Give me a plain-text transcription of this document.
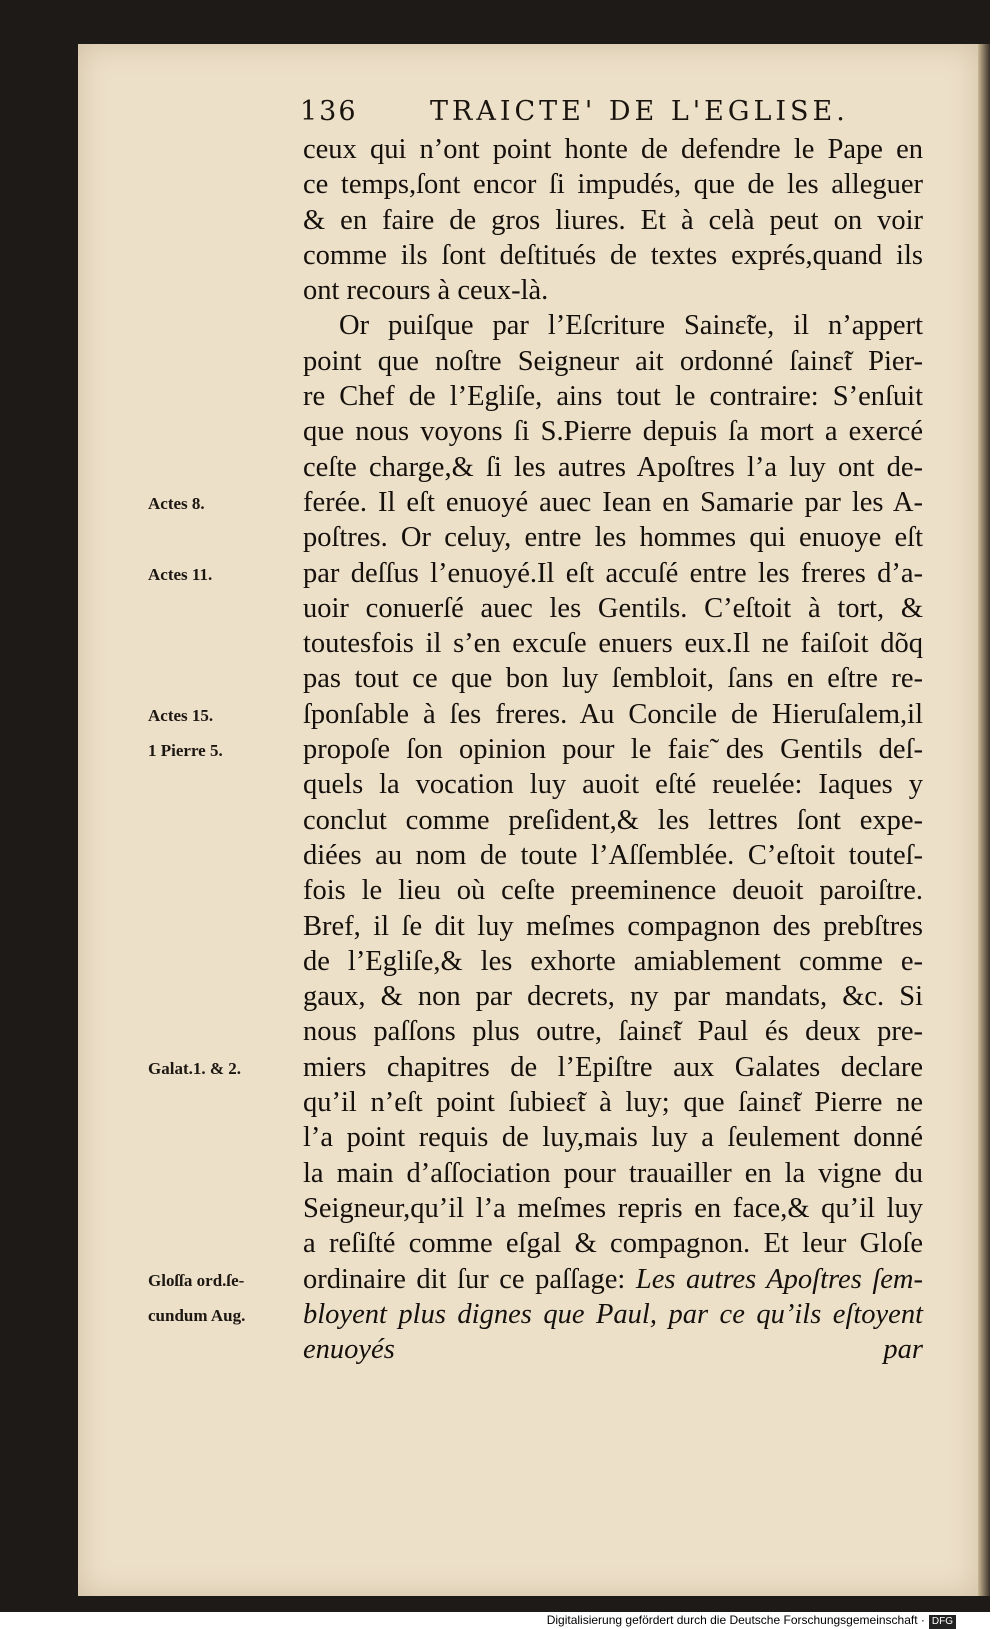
136	TRAICTE' DE L'EGLISE.
ceux qui n’ont point honte de defendre le Pape en
ce temps,ſont encor ſi impudés, que de les alleguer
& en faire de gros liures. Et à celà peut on voir
comme ils ſont deſtitués de textes exprés,quand ils
ont recours à ceux-là.
Or puiſque par l’Eſcriture Sainɛ̃te, il n’appert
point que noſtre Seigneur ait ordonné ſainɛ̃t Pier-
re Chef de l’Egliſe, ains tout le contraire: S’enſuit
que nous voyons ſi S.Pierre depuis ſa mort a exercé
ceſte charge,& ſi les autres Apoſtres l’a luy ont de-
ferée. Il eſt enuoyé auec Iean en Samarie par les A-
poſtres. Or celuy, entre les hommes qui enuoye eſt
par deſſus l’enuoyé.Il eſt accuſé entre les freres d’a-
uoir conuerſé auec les Gentils. C’eſtoit à tort, &
toutesfois il s’en excuſe enuers eux.Il ne faiſoit dõq
pas tout ce que bon luy ſembloit, ſans en eſtre re-
ſponſable à ſes freres. Au Concile de Hieruſalem,il
propoſe ſon opinion pour le faiɛ̃ des Gentils deſ-
quels la vocation luy auoit eſté reuelée: Iaques y
conclut comme preſident,& les lettres ſont expe-
diées au nom de toute l’Aſſemblée. C’eſtoit touteſ-
fois le lieu où ceſte preeminence deuoit paroiſtre.
Bref, il ſe dit luy meſmes compagnon des prebſtres
de l’Egliſe,& les exhorte amiablement comme e-
gaux, & non par decrets, ny par mandats, &c. Si
nous paſſons plus outre, ſainɛ̃t Paul és deux pre-
miers chapitres de l’Epiſtre aux Galates declare
qu’il n’eſt point ſubieɛ̃t à luy; que ſainɛ̃t Pierre ne
l’a point requis de luy,mais luy a ſeulement donné
la main d’aſſociation pour trauailler en la vigne du
Seigneur,qu’il l’a meſmes repris en face,& qu’il luy
a reſiſté comme eſgal & compagnon. Et leur Gloſe
ordinaire dit ſur ce paſſage: Les autres Apoſtres ſem-
bloyent plus dignes que Paul, par ce qu’ils eſtoyent enuoyés	par
Actes 8.
Actes 11.
Actes 15.
1 Pierre 5.
Galat.1. & 2.
Gloſſa ord.ſe-
cundum Aug.
Digitalisierung gefördert durch die Deutsche Forschungsgemeinschaft · DFG
